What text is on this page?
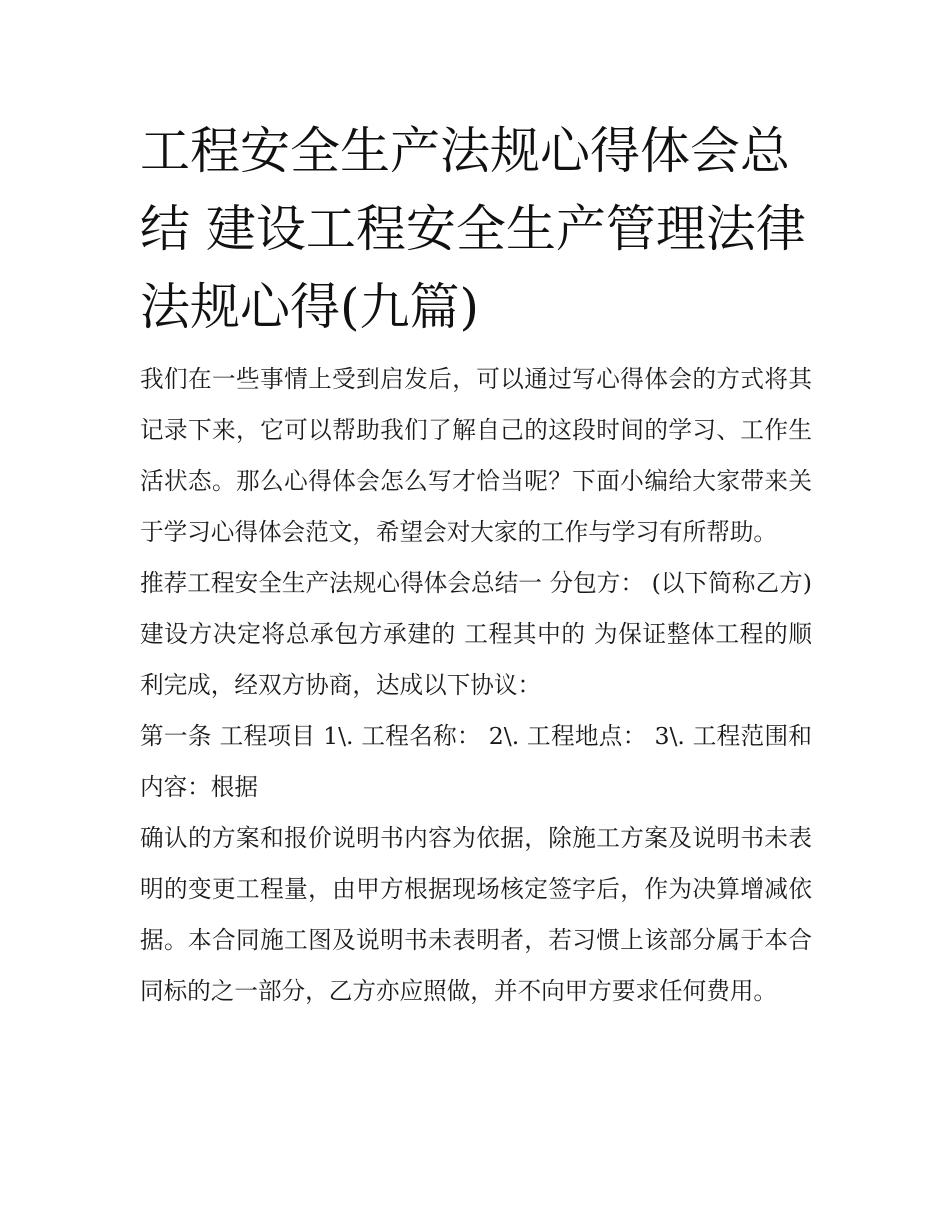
工程安全生产法规心得体会总结 建设工程安全生产管理法律法规心得(九篇)

我们在一些事情上受到启发后，可以通过写心得体会的方式将其记录下来，它可以帮助我们了解自己的这段时间的学习、工作生活状态。那么心得体会怎么写才恰当呢？下面小编给大家带来关于学习心得体会范文，希望会对大家的工作与学习有所帮助。

推荐工程安全生产法规心得体会总结一 分包方： (以下简称乙方) 建设方决定将总承包方承建的 工程其中的 为保证整体工程的顺利完成，经双方协商，达成以下协议：

第一条 工程项目 1\. 工程名称： 2\. 工程地点： 3\. 工程范围和内容：根据

确认的方案和报价说明书内容为依据，除施工方案及说明书未表明的变更工程量，由甲方根据现场核定签字后，作为决算增减依据。本合同施工图及说明书未表明者，若习惯上该部分属于本合同标的之一部分，乙方亦应照做，并不向甲方要求任何费用。
